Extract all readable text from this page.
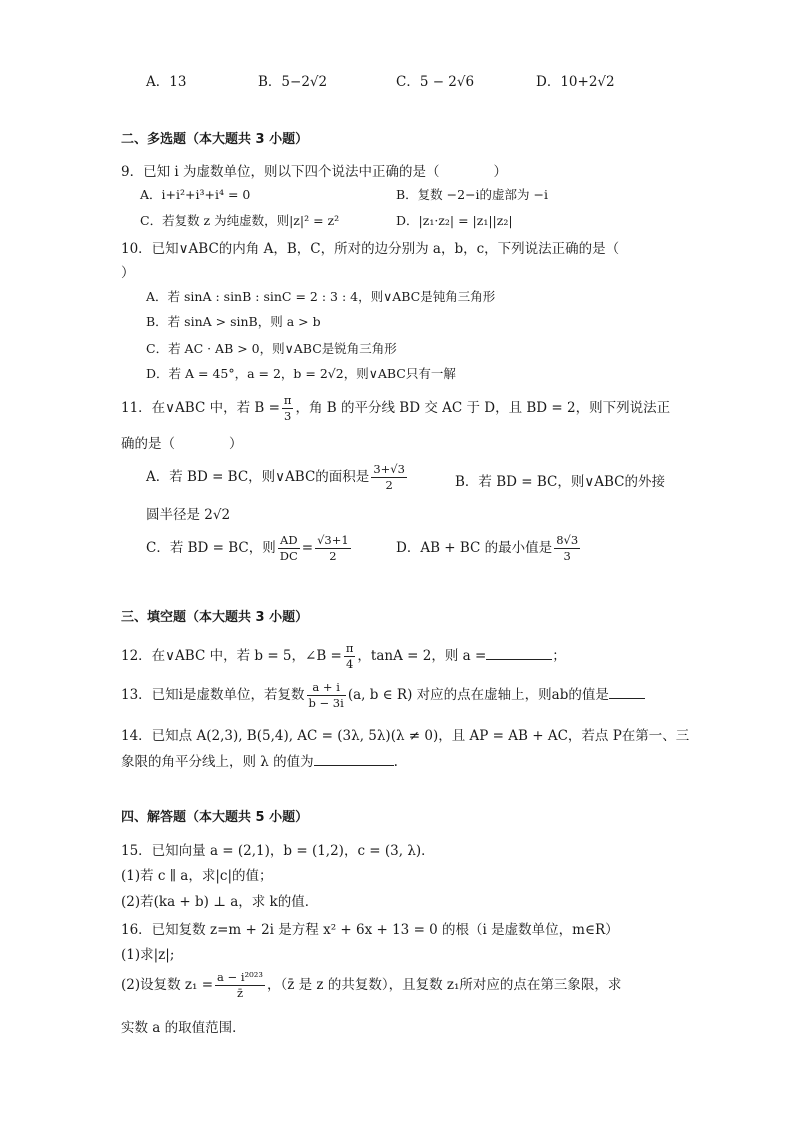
A．13	B．5−2√2	C．5 − 2√6	D．10+2√2
二、多选题（本大题共 3 小题）
9．已知 i 为虚数单位，则以下四个说法中正确的是（　　　　）
A．i+i²+i³+i⁴ = 0	B．复数 −2−i的虚部为 −i
C．若复数 z 为纯虚数，则|z|² = z²	D．|z₁·z₂| = |z₁||z₂|
10．已知∨ABC的内角 A，B，C，所对的边分别为 a，b，c，下列说法正确的是（
）
A．若 sinA : sinB : sinC = 2 : 3 : 4，则∨ABC是钝角三角形
B．若 sinA > sinB，则 a > b
C．若 AC · AB > 0，则∨ABC是锐角三角形
D．若 A = 45°，a = 2，b = 2√2，则∨ABC只有一解
11．在∨ABC 中，若 $B = \frac{\pi}{3}$ ，角 B 的平分线 BD 交 AC 于 D，且 BD = 2，则下列说法正
确的是（　　　　）
A．若 BD = BC，则∨ABC的面积是 $\frac{3+√3}{2}$	B．若 BD = BC，则∨ABC的外接
圆半径是 2√2
C．若 BD = BC，则 $\frac{AD}{DC} = \frac{√3+1}{2}$	D．AB + BC 的最小值是 $\frac{8√3}{3}$
三、填空题（本大题共 3 小题）
12．在∨ABC 中，若 b = 5，∠B = $\frac{\pi}{4}$ ，tanA = 2，则 a =	；
13．已知i是虚数单位，若复数 $\frac{a + i}{b - 3i} (a$, b ∈ R) 对应的点在虚轴上，则ab的值是
14．已知点 A(2,3), B(5,4), AC = (3λ, 5λ)(λ ≠ 0)，且 AP = AB + AC，若点 P在第一、三
象限的角平分线上，则 λ 的值为	.
四、解答题（本大题共 5 小题）
15．已知向量 a = (2,1)，b = (1,2)，c = (3, λ)．
(1)若 c ∥ a，求|c|的值；
(2)若(ka + b) ⊥ a，求 k的值．
16．已知复数 z=m + 2i 是方程 x² + 6x + 13 = 0 的根（i 是虚数单位，m∈R）
(1)求|z|;
(2)设复数 $z_1 = \frac{\text{a − i²⁰²³}}{z̄}$ ，（z̄ 是 z 的共复数），且复数 z₁所对应的点在第三象限，求
实数 a 的取值范围．
